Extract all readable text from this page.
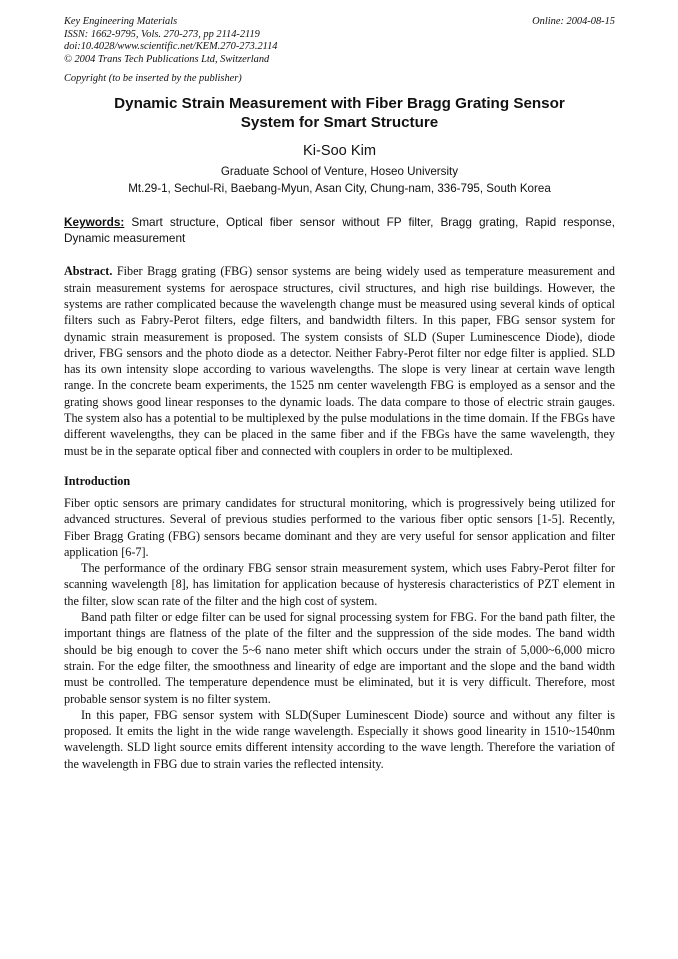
Key Engineering Materials
ISSN: 1662-9795, Vols. 270-273, pp 2114-2119
doi:10.4028/www.scientific.net/KEM.270-273.2114
© 2004 Trans Tech Publications Ltd, Switzerland
Online: 2004-08-15
Copyright (to be inserted by the publisher)
Dynamic Strain Measurement with Fiber Bragg Grating Sensor
System for Smart Structure
Ki-Soo Kim
Graduate School of Venture, Hoseo University
Mt.29-1, Sechul-Ri, Baebang-Myun, Asan City, Chung-nam, 336-795, South Korea
Keywords: Smart structure, Optical fiber sensor without FP filter, Bragg grating, Rapid response, Dynamic measurement
Abstract. Fiber Bragg grating (FBG) sensor systems are being widely used as temperature measurement and strain measurement systems for aerospace structures, civil structures, and high rise buildings. However, the systems are rather complicated because the wavelength change must be measured using several kinds of optical filters such as Fabry-Perot filters, edge filters, and bandwidth filters. In this paper, FBG sensor system for dynamic strain measurement is proposed. The system consists of SLD (Super Luminescence Diode), diode driver, FBG sensors and the photo diode as a detector. Neither Fabry-Perot filter nor edge filter is applied. SLD has its own intensity slope according to various wavelengths. The slope is very linear at certain wave length range. In the concrete beam experiments, the 1525 nm center wavelength FBG is employed as a sensor and the grating shows good linear responses to the dynamic loads. The data compare to those of electric strain gauges. The system also has a potential to be multiplexed by the pulse modulations in the time domain. If the FBGs have different wavelengths, they can be placed in the same fiber and if the FBGs have the same wavelength, they must be in the separate optical fiber and connected with couplers in order to be multiplexed.
Introduction

Fiber optic sensors are primary candidates for structural monitoring, which is progressively being utilized for advanced structures. Several of previous studies performed to the various fiber optic sensors [1-5]. Recently, Fiber Bragg Grating (FBG) sensors became dominant and they are very useful for sensor application and filter application [6-7].

The performance of the ordinary FBG sensor strain measurement system, which uses Fabry-Perot filter for scanning wavelength [8], has limitation for application because of hysteresis characteristics of PZT element in the filter, slow scan rate of the filter and the high cost of system.

Band path filter or edge filter can be used for signal processing system for FBG. For the band path filter, the important things are flatness of the plate of the filter and the suppression of the side modes. The band width should be big enough to cover the 5~6 nano meter shift which occurs under the strain of 5,000~6,000 micro strain. For the edge filter, the smoothness and linearity of edge are important and the slope and the band width must be controlled. The temperature dependence must be eliminated, but it is very difficult. Therefore, most probable sensor system is no filter system.

In this paper, FBG sensor system with SLD(Super Luminescent Diode) source and without any filter is proposed. It emits the light in the wide range wavelength. Especially it shows good linearity in 1510~1540nm wavelength. SLD light source emits different intensity according to the wave length. Therefore the variation of the wavelength in FBG due to strain varies the reflected intensity.
